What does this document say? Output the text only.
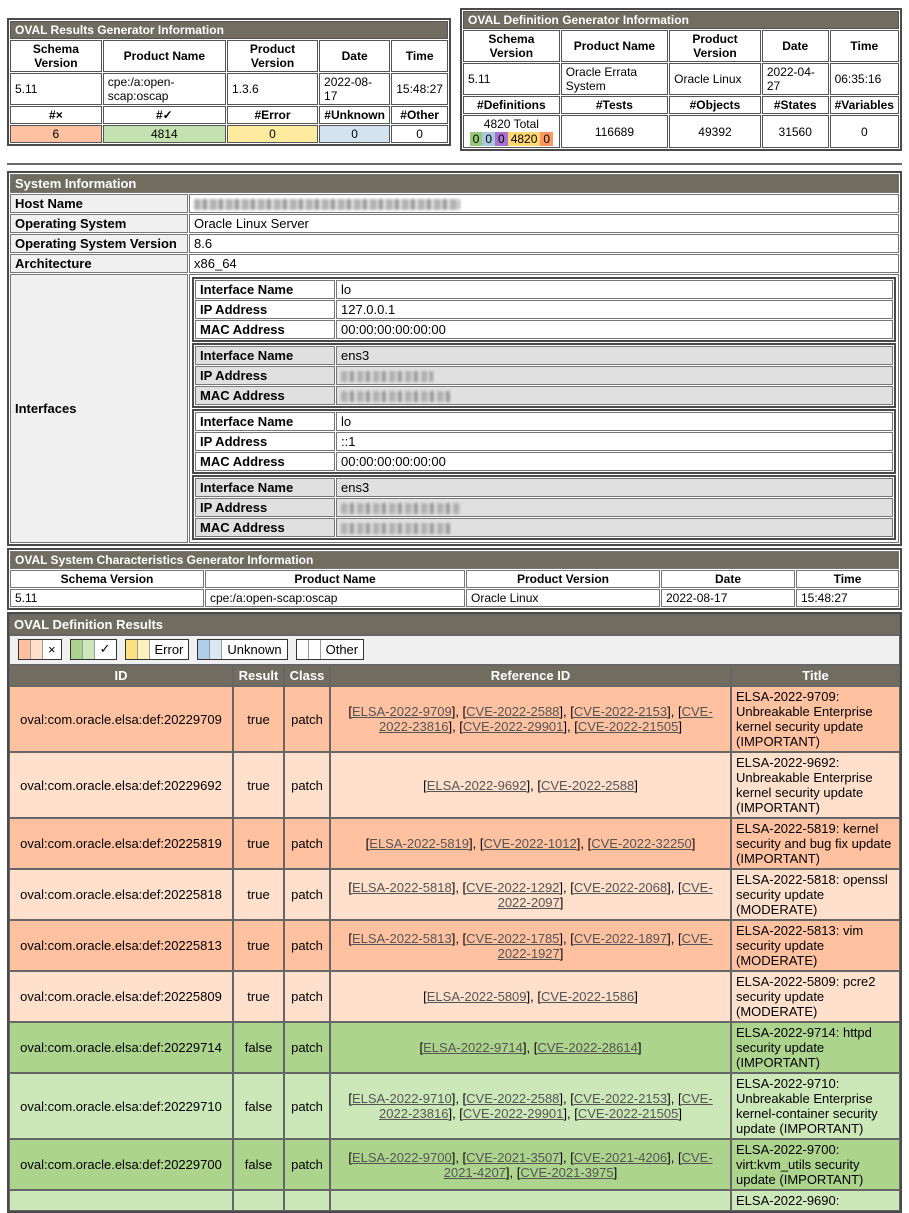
OVAL Results Generator Information				
Schema Version	Product Name	Product Version	Date	Time
5.11	cpe:/a:open-scap:oscap	1.3.6	2022-08-17	15:48:27
#×	#✓	#Error	#Unknown	#Other
6	4814	0	0	0
OVAL Definition Generator Information				
Schema Version	Product Name	Product Version	Date	Time
5.11	Oracle Errata System	Oracle Linux	2022-04-27	06:35:16
#Definitions	#Tests	#Objects	#States	#Variables

4820 Total
0 0 0 4820 0	116689	49392	31560	0
System Information
Host Name	
Operating System	Oracle Linux Server
Operating System Version	8.6
Architecture	x86_64
Interfaces	
Interface Name	lo
IP Address	127.0.0.1
MAC Address	00:00:00:00:00:00
Interface Name	ens3
IP Address	
MAC Address	
Interface Name	lo
IP Address	::1
MAC Address	00:00:00:00:00:00
Interface Name	ens3
IP Address	
MAC Address	
OVAL System Characteristics Generator Information				
Schema Version	Product Name	Product Version	Date	Time
5.11	cpe:/a:open-scap:oscap	Oracle Linux	2022-08-17	15:48:27
OVAL Definition Results				

× ✓ Error Unknown Other				

ID	Result	Class	Reference ID	Title
oval:com.oracle.elsa:def:20229709	true	patch	[ELSA-2022-9709], [CVE-2022-2588], [CVE-2022-2153], [CVE-2022-23816], [CVE-2022-29901], [CVE-2022-21505]	ELSA-2022-9709: Unbreakable Enterprise kernel security update (IMPORTANT)
oval:com.oracle.elsa:def:20229692	true	patch	[ELSA-2022-9692], [CVE-2022-2588]	ELSA-2022-9692: Unbreakable Enterprise kernel security update (IMPORTANT)
oval:com.oracle.elsa:def:20225819	true	patch	[ELSA-2022-5819], [CVE-2022-1012], [CVE-2022-32250]	ELSA-2022-5819: kernel security and bug fix update (IMPORTANT)
oval:com.oracle.elsa:def:20225818	true	patch	[ELSA-2022-5818], [CVE-2022-1292], [CVE-2022-2068], [CVE-2022-2097]	ELSA-2022-5818: openssl security update (MODERATE)
oval:com.oracle.elsa:def:20225813	true	patch	[ELSA-2022-5813], [CVE-2022-1785], [CVE-2022-1897], [CVE-2022-1927]	ELSA-2022-5813: vim security update (MODERATE)
oval:com.oracle.elsa:def:20225809	true	patch	[ELSA-2022-5809], [CVE-2022-1586]	ELSA-2022-5809: pcre2 security update (MODERATE)
oval:com.oracle.elsa:def:20229714	false	patch	[ELSA-2022-9714], [CVE-2022-28614]	ELSA-2022-9714: httpd security update (IMPORTANT)
oval:com.oracle.elsa:def:20229710	false	patch	[ELSA-2022-9710], [CVE-2022-2588], [CVE-2022-2153], [CVE-2022-23816], [CVE-2022-29901], [CVE-2022-21505]	ELSA-2022-9710: Unbreakable Enterprise kernel-container security update (IMPORTANT)
oval:com.oracle.elsa:def:20229700	false	patch	[ELSA-2022-9700], [CVE-2021-3507], [CVE-2021-4206], [CVE-2021-4207], [CVE-2021-3975]	ELSA-2022-9700: virt:kvm_utils security update (IMPORTANT)
				ELSA-2022-9690:
